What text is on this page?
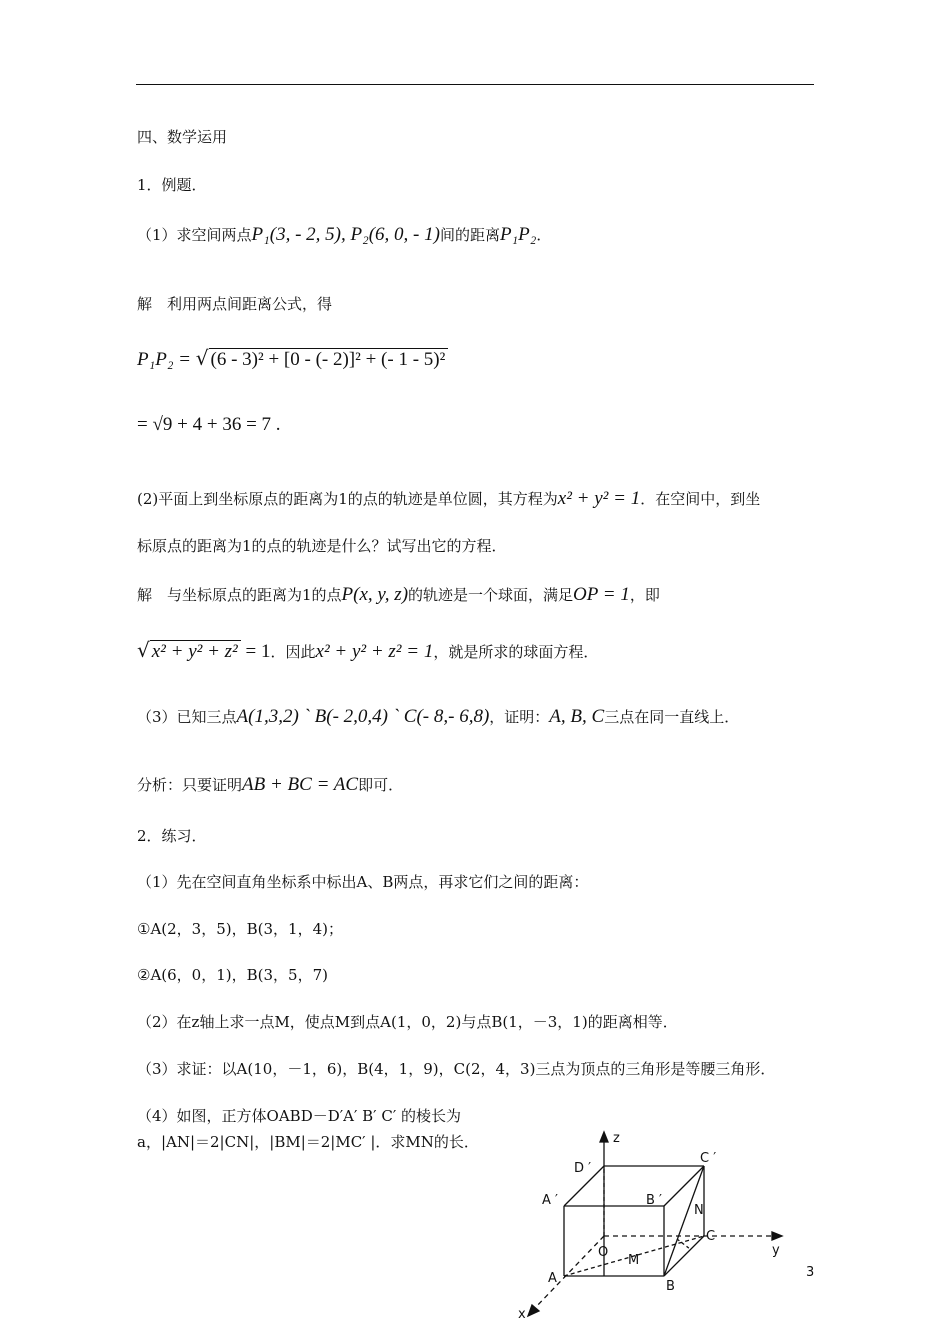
四、数学运用
1．例题．
（1）求空间两点P₁(3, - 2, 5), P₂(6, 0, - 1)间的距离P₁P₂．
解　利用两点间距离公式，得
P₁P₂ = √ (6 - 3)² + [0 - (- 2)]² + (- 1 - 5)²
= √9 + 4 + 36 = 7 .
(2)平面上到坐标原点的距离为1的点的轨迹是单位圆，其方程为x² + y² = 1．在空间中，到坐
标原点的距离为1的点的轨迹是什么？试写出它的方程．
解　与坐标原点的距离为1的点P(x, y, z)的轨迹是一个球面，满足OP = 1，即
√ x² + y² + z² = 1．因此x² + y² + z² = 1，就是所求的球面方程．
（3）已知三点A(1,3,2) ` B(- 2,0,4) ` C(- 8,- 6,8)，证明：A, B, C三点在同一直线上．
分析：只要证明AB + BC = AC即可．
2．练习．
（1）先在空间直角坐标系中标出A、B两点，再求它们之间的距离：
①A(2，3，5)，B(3，1，4)；
②A(6，0，1)，B(3，5，7)
（2）在z轴上求一点M，使点M到点A(1，0，2)与点B(1，－3，1)的距离相等．
（3）求证：以A(10，－1，6)，B(4，1，9)，C(2，4，3)三点为顶点的三角形是等腰三角形．
（4）如图，正方体OABD－D′A′ B′ C′ 的棱长为
a，|AN|＝2|CN|，|BM|＝2|MC′ |．求MN的长．	z
y
x
D ′
C ′
A ′	B ′
N
O
M
C
A
B
3
